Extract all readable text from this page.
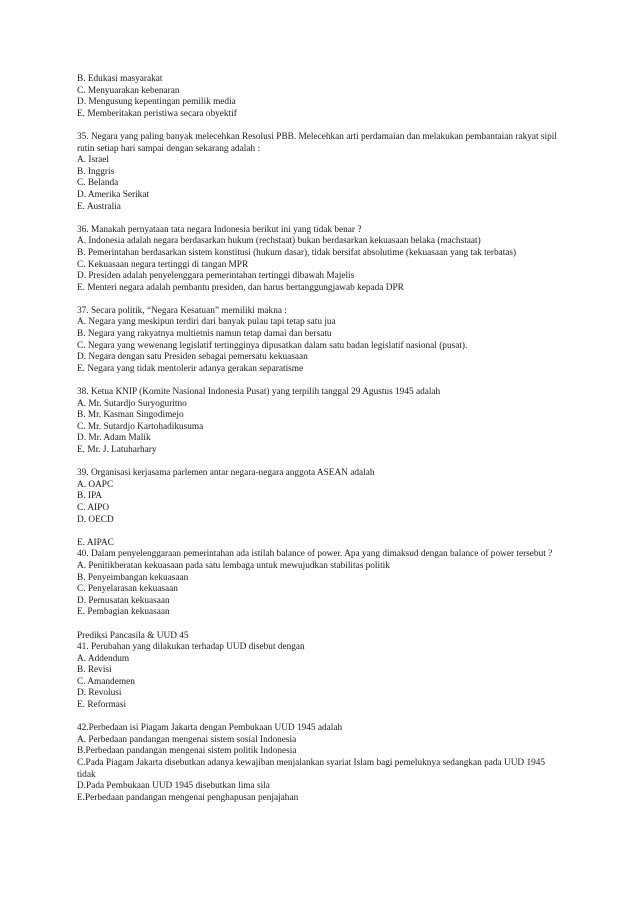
B. Edukasi masyarakat
C. Menyuarakan kebenaran
D. Mengusung kepentingan pemilik media
E. Memberitakan peristiwa secara obyektif
35. Negara yang paling banyak melecehkan Resolusi PBB. Melecehkan arti perdamaian dan melakukan pembantaian rakyat sipil rutin setiap hari sampai dengan sekarang adalah :
A. Israel
B. Inggris
C. Belanda
D. Amerika Serikat
E. Australia
36. Manakah pernyataan tata negara Indonesia berikut ini yang tidak benar ?
A. Indonesia adalah negara berdasarkan hukum (rechstaat) bukan berdasarkan kekuasaan belaka (machstaat)
B. Pemerintahan berdasarkan sistem konstitusi (hukum dasar), tidak bersifat absolutime (kekuasaan yang tak terbatas)
C. Kekuasaan negara tertinggi di tangan MPR
D. Presiden adalah penyelenggara pemerintahan tertinggi dibawah Majelis
E. Menteri negara adalah pembantu presiden, dan harus bertanggungjawab kepada DPR
37. Secara politik, “Negara Kesatuan” memiliki makna :
A. Negara yang meskipun terdiri dari banyak pulau tapi tetap satu jua
B. Negara yang rakyatnya multietnis namun tetap damai dan bersatu
C. Negara yang wewenang legislatif tertingginya dipusatkan dalam satu badan legislatif nasional (pusat).
D. Negara dengan satu Presiden sebagai pemersatu kekuasaan
E. Negara yang tidak mentolerir adanya gerakan separatisme
38. Ketua KNIP (Komite Nasional Indonesia Pusat) yang terpilih tanggal 29 Agustus 1945 adalah
A. Mr. Sutardjo Suryoguritno
B. Mr. Kasman Singodimejo
C. Mr. Sutardjo Kartohadikusuma
D. Mr. Adam Malik
E. Mr. J. Latuharhary
39. Organisasi kerjasama parlemen antar negara-negara anggota ASEAN adalah
A. OAPC
B. IPA
C. AIPO
D. OECD
E. AIPAC
40. Dalam penyelenggaraan pemerintahan ada istilah balance of power. Apa yang dimaksud dengan balance of power tersebut ?
A. Penitikberatan kekuasaan pada satu lembaga untuk mewujudkan stabilitas politik
B. Penyeimbangan kekuasaan
C. Penyelarasan kekuasaan
D. Pemusatan kekuasaan
E. Pembagian kekuasaan
Prediksi Pancasila & UUD 45
41. Perubahan yang dilakukan terhadap UUD disebut dengan
A. Addendum
B. Revisi
C. Amandemen
D. Revolusi
E. Reformasi
42.Perbedaan isi Piagam Jakarta dengan Pembukaan UUD 1945 adalah
A. Perbedaan pandangan mengenai sistem sosial Indonesia
B.Perbedaan pandangan mengenai sistem politik Indonesia
C.Pada Piagam Jakarta disebutkan adanya kewajiban menjalankan syariat Islam bagi pemeluknya sedangkan pada UUD 1945 tidak
D.Pada Pembukaan UUD 1945 disebutkan lima sila
E.Perbedaan pandangan mengenai penghapusan penjajahan
